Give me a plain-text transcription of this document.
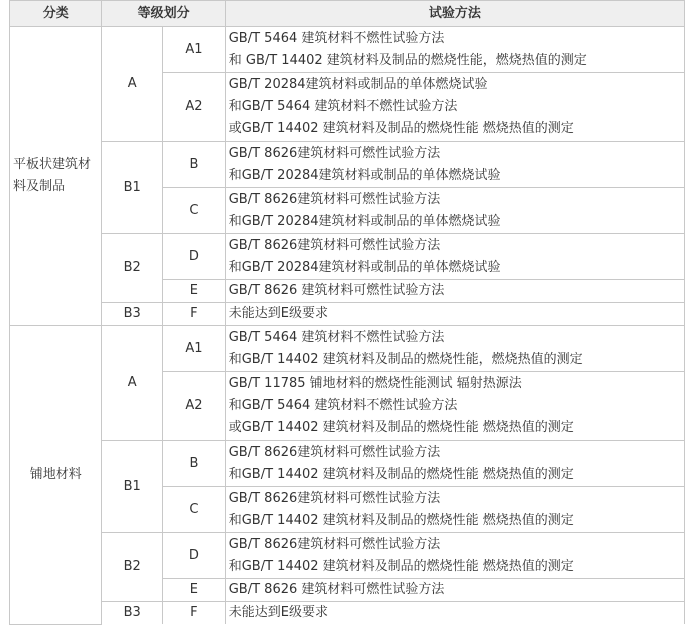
分类	等级划分		试验方法
平板状建筑材料及制品	A	A1	GB/T 5464 建筑材料不燃性试验方法
和 GB/T 14402 建筑材料及制品的燃烧性能，燃烧热值的测定

		A2	GB/T 20284建筑材料或制品的单体燃烧试验
和GB/T 5464 建筑材料不燃性试验方法
或GB/T 14402 建筑材料及制品的燃烧性能 燃烧热值的测定

	B1	B	GB/T 8626建筑材料可燃性试验方法
和GB/T 20284建筑材料或制品的单体燃烧试验

		C	GB/T 8626建筑材料可燃性试验方法
和GB/T 20284建筑材料或制品的单体燃烧试验

	B2	D	GB/T 8626建筑材料可燃性试验方法
和GB/T 20284建筑材料或制品的单体燃烧试验

		E	GB/T 8626 建筑材料可燃性试验方法

	B3	F	未能达到E级要求

铺地材料	A	A1	GB/T 5464 建筑材料不燃性试验方法
和GB/T 14402 建筑材料及制品的燃烧性能，燃烧热值的测定

		A2	GB/T 11785 铺地材料的燃烧性能测试 辐射热源法
和GB/T 5464 建筑材料不燃性试验方法
或GB/T 14402 建筑材料及制品的燃烧性能 燃烧热值的测定

	B1	B	GB/T 8626建筑材料可燃性试验方法
和GB/T 14402 建筑材料及制品的燃烧性能 燃烧热值的测定

		C	GB/T 8626建筑材料可燃性试验方法
和GB/T 14402 建筑材料及制品的燃烧性能 燃烧热值的测定

	B2	D	GB/T 8626建筑材料可燃性试验方法
和GB/T 14402 建筑材料及制品的燃烧性能 燃烧热值的测定

		E	GB/T 8626 建筑材料可燃性试验方法

	B3	F	未能达到E级要求
